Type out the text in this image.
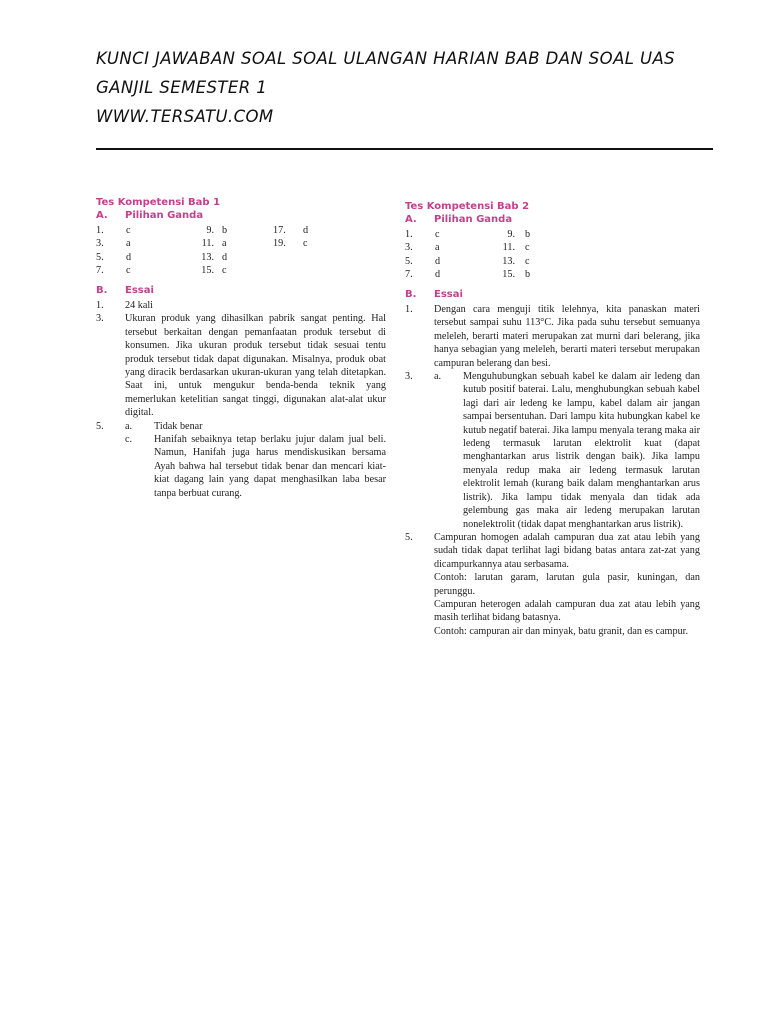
KUNCI JAWABAN SOAL SOAL ULANGAN HARIAN BAB DAN SOAL UAS
GANJIL SEMESTER 1
WWW.TERSATU.COM
Tes Kompetensi Bab 1
A.	Pilihan Ganda
1.	c
3.	a
5.	d
7.	c
9. b
11. a
13. d
15. c
17.	d
19.	c
B.	Essai
1.	24 kali
3.	Ukuran produk yang dihasilkan pabrik sangat penting. Hal tersebut berkaitan dengan pemanfaatan produk tersebut di konsumen. Jika ukuran produk tersebut tidak sesuai tentu produk tersebut tidak dapat digunakan. Misalnya, produk obat yang diracik berdasarkan ukuran-ukuran yang telah ditetapkan. Saat ini, untuk mengukur benda-benda teknik yang memerlukan ketelitian sangat tinggi, digunakan alat-alat ukur digital.
5.	a.	Tidak benar
c.	Hanifah sebaiknya tetap berlaku jujur dalam jual beli. Namun, Hanifah juga harus mendiskusikan bersama Ayah bahwa hal tersebut tidak benar dan mencari kiat-kiat dagang lain yang dapat menghasilkan laba besar tanpa berbuat curang.
Tes Kompetensi Bab 2
A.	Pilihan Ganda
1.	c
3.	a
5.	d
7.	d
9. b
11. c
13. c
15. b
B.	Essai
1.	Dengan cara menguji titik lelehnya, kita panaskan materi tersebut sampai suhu 113°C. Jika pada suhu tersebut semuanya meleleh, berarti materi merupakan zat murni dari belerang, jika hanya sebagian yang meleleh, berarti materi tersebut merupakan campuran belerang dan besi.
3.	a.	Menguhubungkan sebuah kabel ke dalam air ledeng dan kutub positif baterai. Lalu, menghubungkan sebuah kabel lagi dari air ledeng ke lampu, kabel dalam air jangan sampai bersentuhan. Dari lampu kita hubungkan kabel ke kutub negatif baterai. Jika lampu menyala terang maka air ledeng termasuk larutan elektrolit kuat (dapat menghantarkan arus listrik dengan baik). Jika lampu menyala redup maka air ledeng termasuk larutan elektrolit lemah (kurang baik dalam menghantarkan arus listrik). Jika lampu tidak menyala dan tidak ada gelembung gas maka air ledeng merupakan larutan nonelektrolit (tidak dapat menghantarkan arus listrik).
5.	Campuran homogen adalah campuran dua zat atau lebih yang sudah tidak dapat terlihat lagi bidang batas antara zat-zat yang dicampurkannya atau serbasama.

Contoh: larutan garam, larutan gula pasir, kuningan, dan perunggu.

Campuran heterogen adalah campuran dua zat atau lebih yang masih terlihat bidang batasnya.

Contoh: campuran air dan minyak, batu granit, dan es campur.
